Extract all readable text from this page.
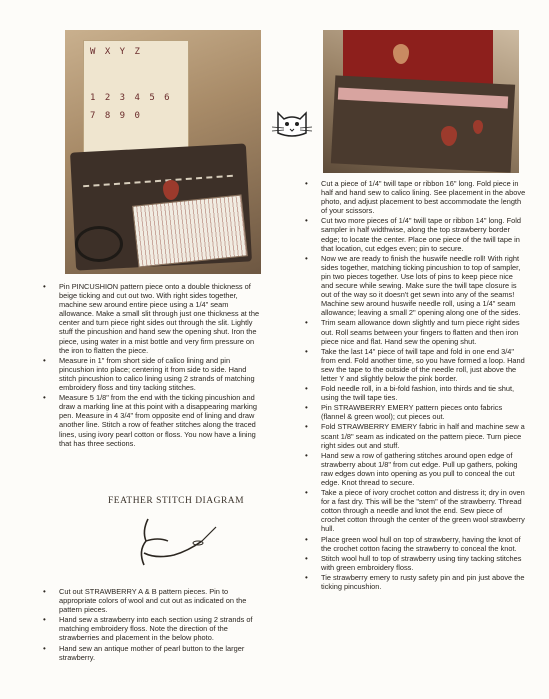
W X Y Z
1 2 3 4 5 6
7 8 9 0
• Pin PINCUSHION pattern piece onto a double thickness of beige ticking and cut out two. With right sides together, machine sew around entire piece using a 1/4" seam allowance. Make a small slit through just one thickness at the center and turn piece right sides out through the slit. Lightly stuff the pincushion and hand sew the opening shut. Iron the piece, using water in a mist bottle and very firm pressure on the iron to flatten the piece.
• Measure in 1" from short side of calico lining and pin pincushion into place; centering it from side to side. Hand stitch pincushion to calico lining using 2 strands of matching embroidery floss and tiny tacking stitches.
• Measure 5 1/8" from the end with the ticking pincushion and draw a marking line at this point with a disappearing marking pen. Measure in 4 3/4" from opposite end of lining and draw another line. Stitch a row of feather stitches along the traced lines, using ivory pearl cotton or floss. You now have a lining that has three sections.
FEATHER STITCH DIAGRAM
• Cut out STRAWBERRY A & B pattern pieces. Pin to appropriate colors of wool and cut out as indicated on the pattern pieces.
• Hand sew a strawberry into each section using 2 strands of matching embroidery floss. Note the direction of the strawberries and placement in the below photo.
• Hand sew an antique mother of pearl button to the larger strawberry.
• Cut a piece of 1/4" twill tape or ribbon 16" long. Fold piece in half and hand sew to calico lining. See placement in the above photo, and adjust placement to best accommodate the length of your scissors.
• Cut two more pieces of 1/4" twill tape or ribbon 14" long. Fold sampler in half widthwise, along the top strawberry border edge; to locate the center. Place one piece of the twill tape in that location, cut edges even; pin to secure.
• Now we are ready to finish the huswife needle roll! With right sides together, matching ticking pincushion to top of sampler, pin two pieces together. Use lots of pins to keep piece nice and secure while sewing. Make sure the twill tape closure is out of the way so it doesn't get sewn into any of the seams! Machine sew around huswife needle roll, using a 1/4" seam allowance; leaving a small 2" opening along one of the sides.
• Trim seam allowance down slightly and turn piece right sides out. Roll seams between your fingers to flatten and then iron piece nice and flat. Hand sew the opening shut.
• Take the last 14" piece of twill tape and fold in one end 3/4" from end. Fold another time, so you have formed a loop. Hand sew the tape to the outside of the needle roll, just above the letter Y and slightly below the pink border.
• Fold needle roll, in a bi-fold fashion, into thirds and tie shut, using the twill tape ties.
• Pin STRAWBERRY EMERY pattern pieces onto fabrics (flannel & green wool); cut pieces out.
• Fold STRAWBERRY EMERY fabric in half and machine sew a scant 1/8" seam as indicated on the pattern piece. Turn piece right sides out and stuff.
• Hand sew a row of gathering stitches around open edge of strawberry about 1/8" from cut edge. Pull up gathers, poking raw edges down into opening as you pull to conceal the cut edge. Knot thread to secure.
• Take a piece of ivory crochet cotton and distress it; dry in oven for a fast dry. This will be the "stem" of the strawberry. Thread cotton through a needle and knot the end. Sew piece of crochet cotton through the center of the green wool strawberry hull.
• Place green wool hull on top of strawberry, having the knot of the crochet cotton facing the strawberry to conceal the knot.
• Stitch wool hull to top of strawberry using tiny tacking stitches with green embroidery floss.
• Tie strawberry emery to rusty safety pin and pin just above the ticking pincushion.
